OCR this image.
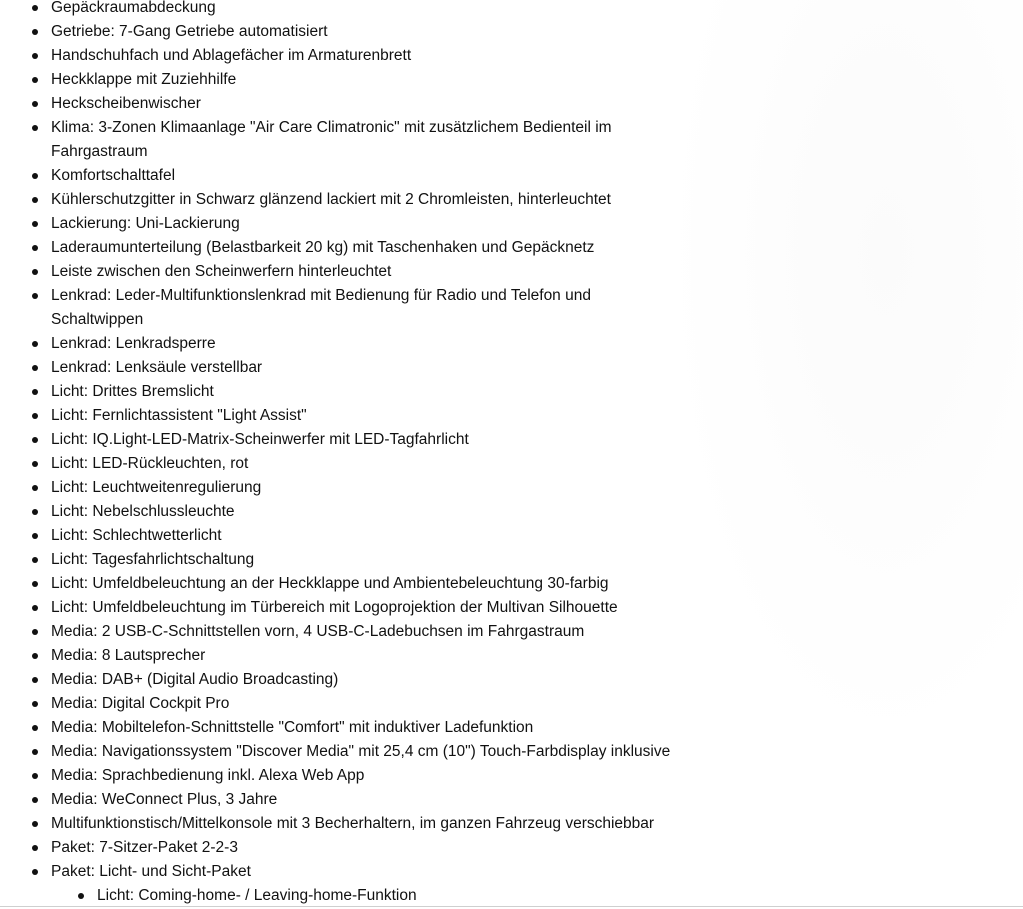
Gepäckraumabdeckung
Getriebe: 7-Gang Getriebe automatisiert
Handschuhfach und Ablagefächer im Armaturenbrett
Heckklappe mit Zuziehhilfe
Heckscheibenwischer
Klima: 3-Zonen Klimaanlage "Air Care Climatronic" mit zusätzlichem Bedienteil im Fahrgastraum
Komfortschalttafel
Kühlerschutzgitter in Schwarz glänzend lackiert mit 2 Chromleisten, hinterleuchtet
Lackierung: Uni-Lackierung
Laderaumunterteilung (Belastbarkeit 20 kg) mit Taschenhaken und Gepäcknetz
Leiste zwischen den Scheinwerfern hinterleuchtet
Lenkrad: Leder-Multifunktionslenkrad mit Bedienung für Radio und Telefon und Schaltwippen
Lenkrad: Lenkradsperre
Lenkrad: Lenksäule verstellbar
Licht: Drittes Bremslicht
Licht: Fernlichtassistent "Light Assist"
Licht: IQ.Light-LED-Matrix-Scheinwerfer mit LED-Tagfahrlicht
Licht: LED-Rückleuchten, rot
Licht: Leuchtweitenregulierung
Licht: Nebelschlussleuchte
Licht: Schlechtwetterlicht
Licht: Tagesfahrlichtschaltung
Licht: Umfeldbeleuchtung an der Heckklappe und Ambientebeleuchtung 30-farbig
Licht: Umfeldbeleuchtung im Türbereich mit Logoprojektion der Multivan Silhouette
Media: 2 USB-C-Schnittstellen vorn, 4 USB-C-Ladebuchsen im Fahrgastraum
Media: 8 Lautsprecher
Media: DAB+ (Digital Audio Broadcasting)
Media: Digital Cockpit Pro
Media: Mobiltelefon-Schnittstelle "Comfort" mit induktiver Ladefunktion
Media: Navigationssystem "Discover Media" mit 25,4 cm (10") Touch-Farbdisplay inklusive
Media: Sprachbedienung inkl. Alexa Web App
Media: WeConnect Plus, 3 Jahre
Multifunktionstisch/Mittelkonsole mit 3 Becherhaltern, im ganzen Fahrzeug verschiebbar
Paket: 7-Sitzer-Paket 2-2-3
Paket: Licht- und Sicht-Paket
Licht: Coming-home- / Leaving-home-Funktion
